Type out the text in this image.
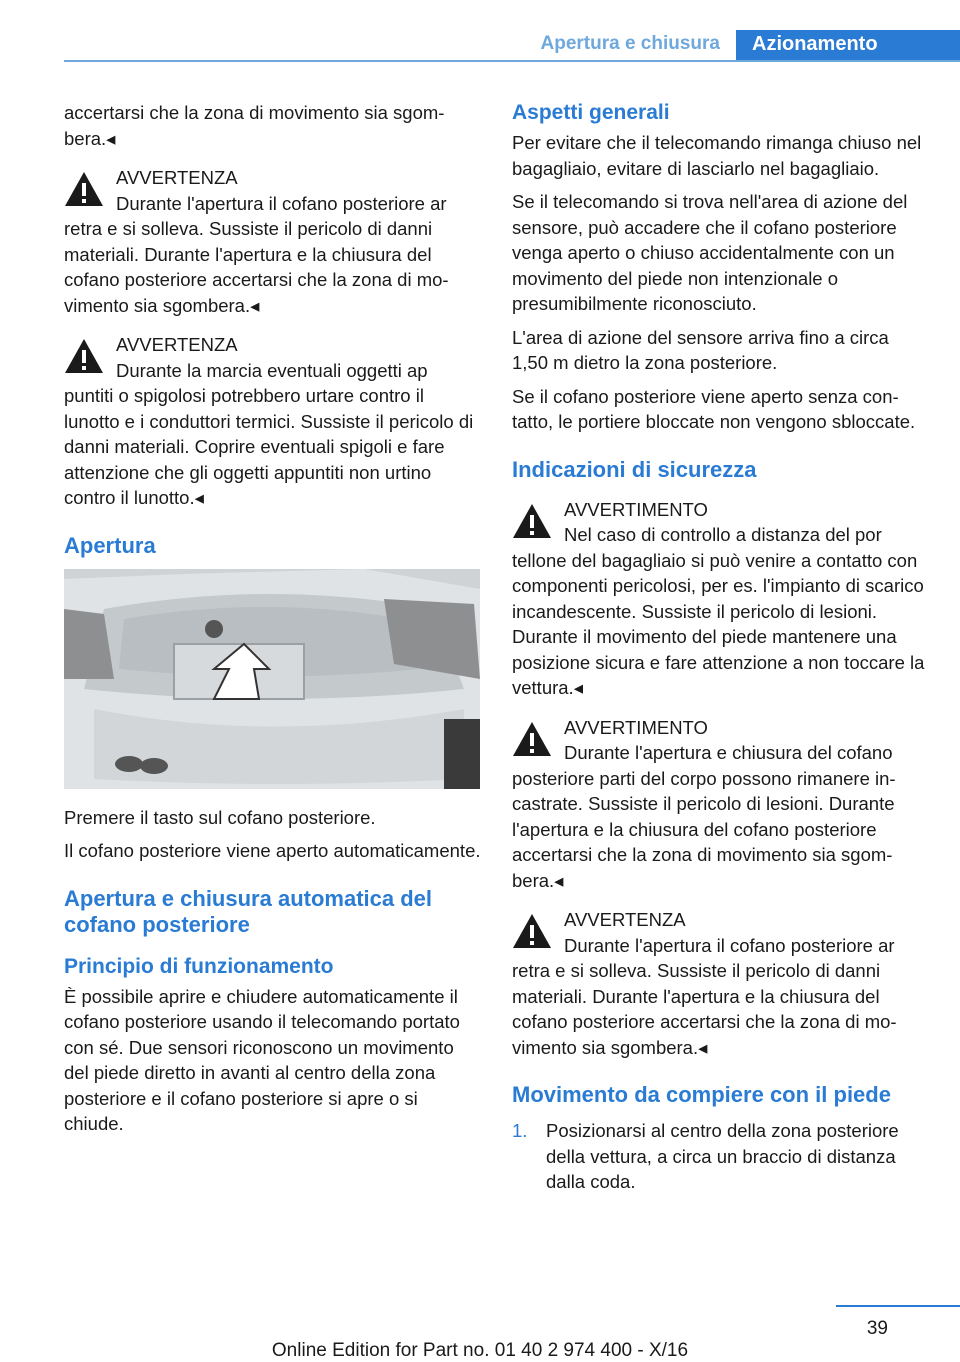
Apertura e chiusura	Azionamento

accertarsi che la zona di movimento sia sgombera.◂

AVVERTENZA

Durante l'apertura il cofano posteriore ar

retra e si solleva. Sussiste il pericolo di danni materiali. Durante l'apertura e la chiusura del cofano posteriore accertarsi che la zona di movimento sia sgombera.◂

AVVERTENZA

Durante la marcia eventuali oggetti ap

puntiti o spigolosi potrebbero urtare contro il lunotto e i conduttori termici. Sussiste il pericolo di danni materiali. Coprire eventuali spigoli e fare attenzione che gli oggetti appuntiti non urtino contro il lunotto.◂

Apertura

Premere il tasto sul cofano posteriore.

Il cofano posteriore viene aperto automaticamente.

Apertura e chiusura automatica del cofano posteriore
Principio di funzionamento

È possibile aprire e chiudere automaticamente il cofano posteriore usando il telecomando portato con sé. Due sensori riconoscono un movimento del piede diretto in avanti al centro della zona posteriore e il cofano posteriore si apre o si chiude.

Aspetti generali

Per evitare che il telecomando rimanga chiuso nel bagagliaio, evitare di lasciarlo nel bagagliaio.

Se il telecomando si trova nell'area di azione del sensore, può accadere che il cofano posteriore venga aperto o chiuso accidentalmente con un movimento del piede non intenzionale o presumibilmente riconosciuto.

L'area di azione del sensore arriva fino a circa 1,50 m dietro la zona posteriore.

Se il cofano posteriore viene aperto senza contatto, le portiere bloccate non vengono sbloccate.

Indicazioni di sicurezza

AVVERTIMENTO

Nel caso di controllo a distanza del por

tellone del bagagliaio si può venire a contatto con componenti pericolosi, per es. l'impianto di scarico incandescente. Sussiste il pericolo di lesioni. Durante il movimento del piede mantenere una posizione sicura e fare attenzione a non toccare la vettura.◂

AVVERTIMENTO

Durante l'apertura e chiusura del cofano

posteriore parti del corpo possono rimanere incastrate. Sussiste il pericolo di lesioni. Durante l'apertura e la chiusura del cofano posteriore accertarsi che la zona di movimento sia sgombera.◂

AVVERTENZA

Durante l'apertura il cofano posteriore ar

retra e si solleva. Sussiste il pericolo di danni materiali. Durante l'apertura e la chiusura del cofano posteriore accertarsi che la zona di movimento sia sgombera.◂

Movimento da compiere con il piede
1. Posizionarsi al centro della zona posteriore della vettura, a circa un braccio di distanza dalla coda.
39
Online Edition for Part no. 01 40 2 974 400 - X/16
